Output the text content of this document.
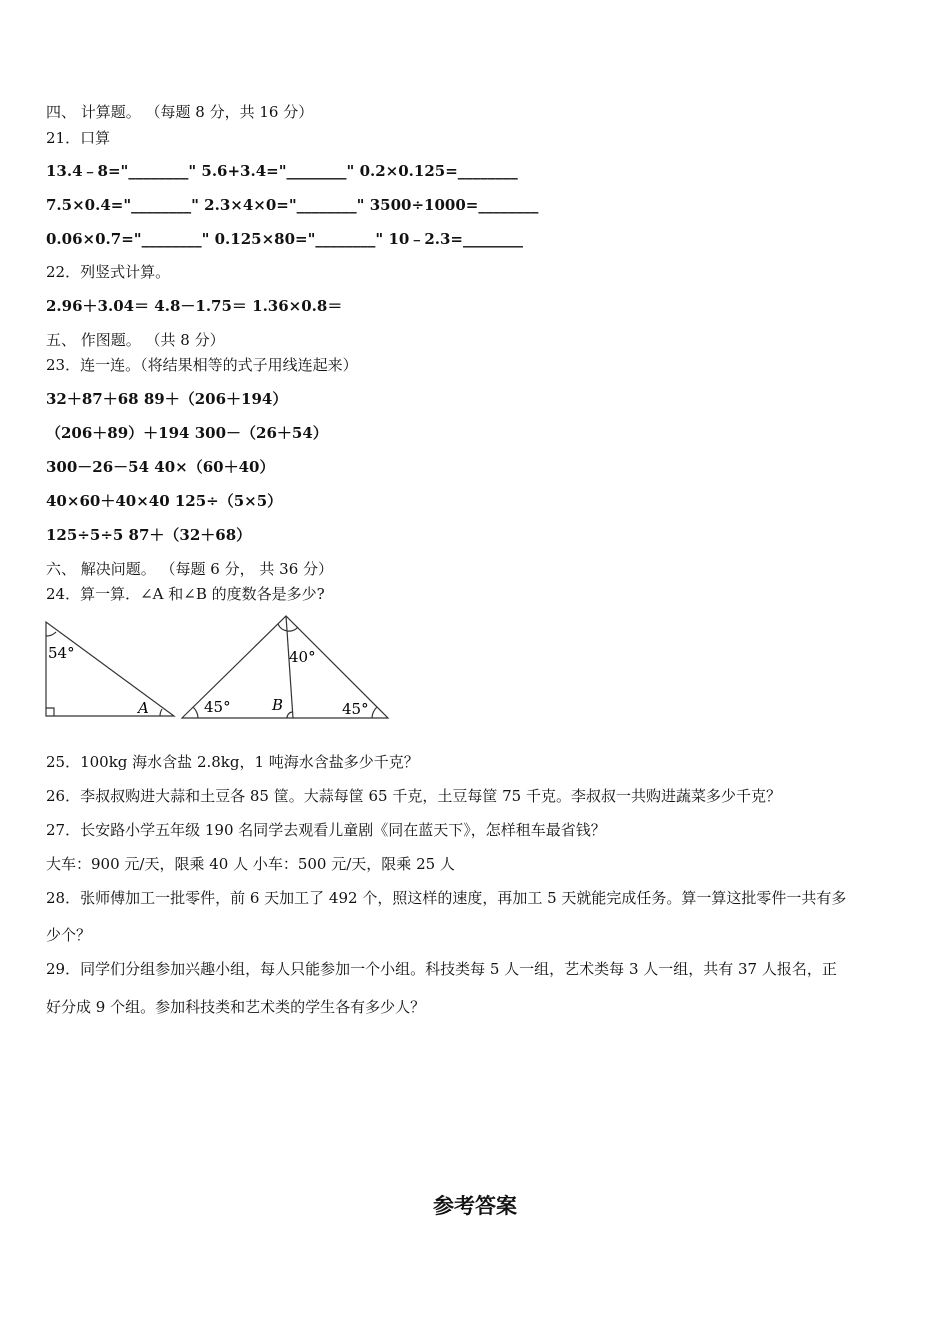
四、 计算题。 （每题 8 分，共 16 分）
21．口算
13.4﹣8="________" 5.6+3.4="________" 0.2×0.125=________
7.5×0.4="________" 2.3×4×0="________" 3500÷1000=________
0.06×0.7="________" 0.125×80="________" 10﹣2.3=________
22．列竖式计算。
2.96＋3.04＝ 4.8－1.75＝ 1.36×0.8＝
五、 作图题。 （共 8 分）
23．连一连。（将结果相等的式子用线连起来）
32＋87＋68 89＋（206＋194）
（206＋89）＋194 300－（26＋54）
300－26－54 40×（60＋40）
40×60＋40×40 125÷（5×5）
125÷5÷5 87＋（32＋68）
六、 解决问题。 （每题 6 分， 共 36 分）
24．算一算．∠A 和∠B 的度数各是多少?
54°
A	45°
40°
B	45°
25．100kg 海水含盐 2.8kg，1 吨海水含盐多少千克？
26．李叔叔购进大蒜和土豆各 85 筐。大蒜每筐 65 千克，土豆每筐 75 千克。李叔叔一共购进蔬菜多少千克？
27．长安路小学五年级 190 名同学去观看儿童剧《同在蓝天下》，怎样租车最省钱？
大车：900 元/天，限乘 40 人 小车：500 元/天，限乘 25 人
28．张师傅加工一批零件，前 6 天加工了 492 个，照这样的速度，再加工 5 天就能完成任务。算一算这批零件一共有多
少个？
29．同学们分组参加兴趣小组，每人只能参加一个小组。科技类每 5 人一组，艺术类每 3 人一组，共有 37 人报名，正
好分成 9 个组。参加科技类和艺术类的学生各有多少人？
参考答案
